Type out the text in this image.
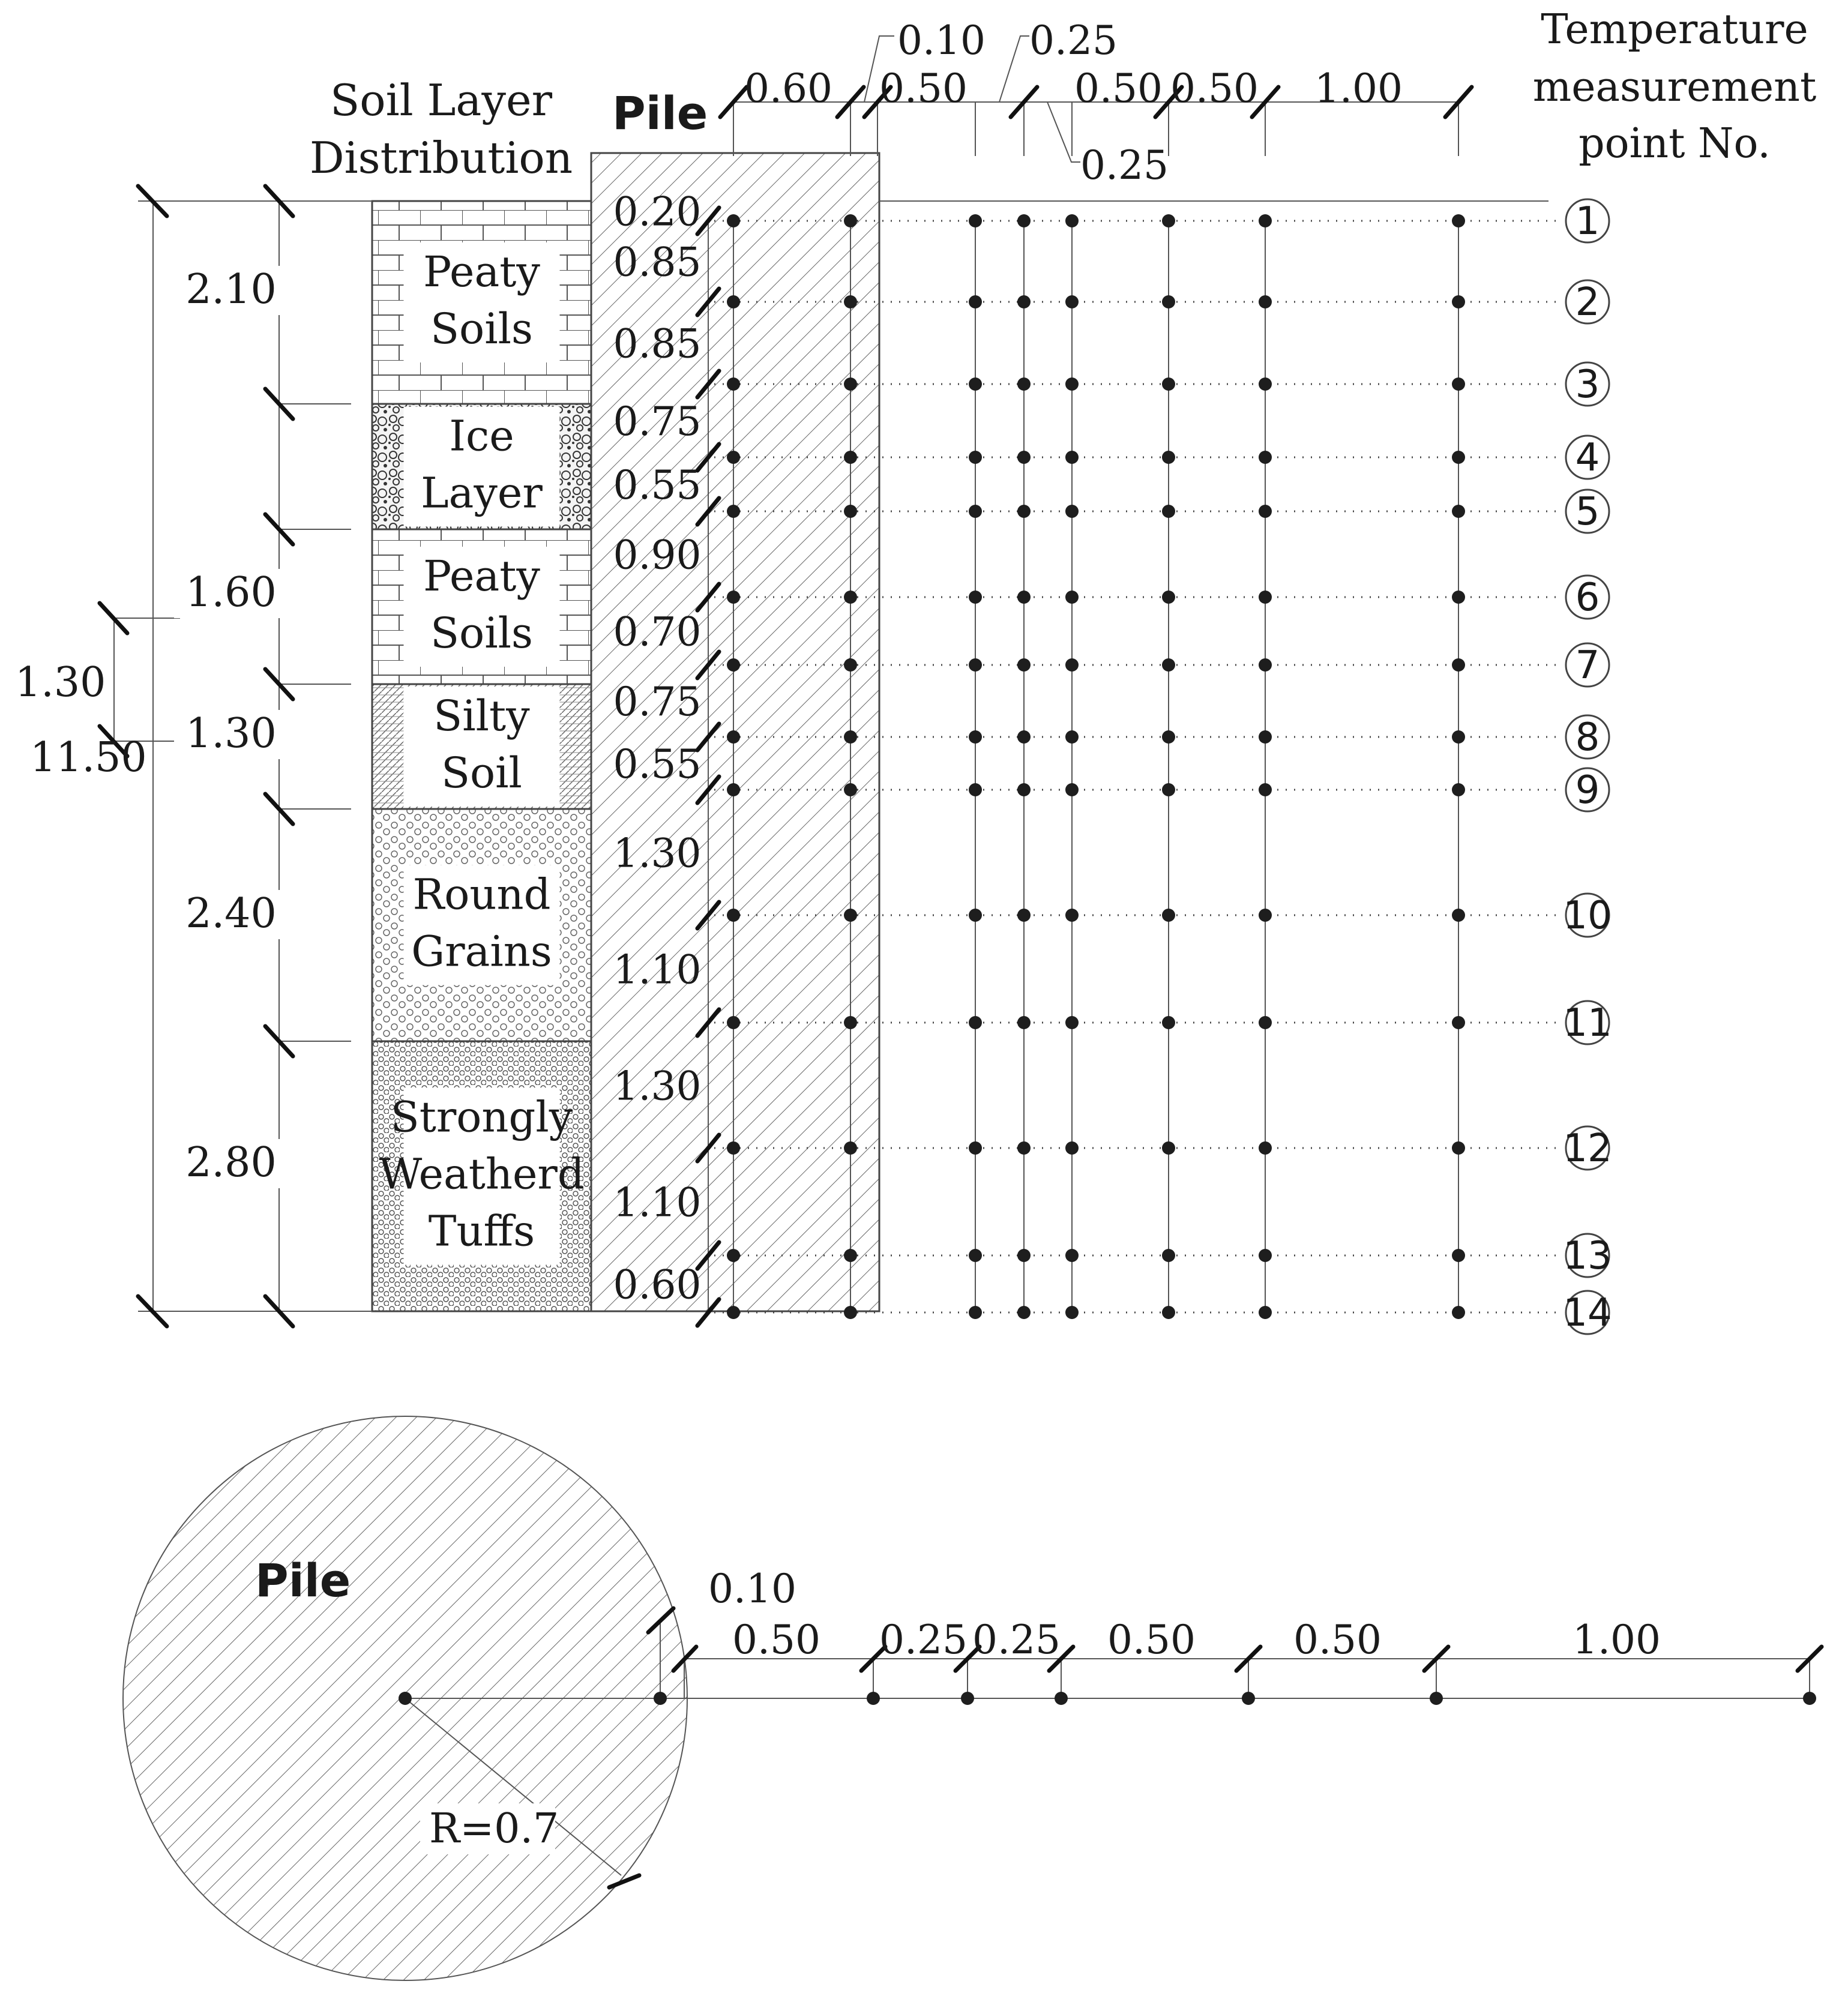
Soil Layer
Distribution
Pile
Temperature
measurement
point No.
Peaty
Soils
Ice
Layer
Peaty
Soils
Silty
Soil
Round
Grains
Strongly
Weatherd
Tuffs
11.50
1.30
2.10
1.60
1.30
2.40
2.80
1
2
3
4
5
6
7
8
9
10
11
12
13
14
0.20
0.85
0.85
0.75
0.55
0.90
0.70
0.75
0.55
1.30
1.10
1.30
1.10
0.60
0.60
0.10
0.50
0.25
0.25
0.50 0.50 1.00
Pile
R=0.7
0.10
0.50 0.25 0.25 0.50 0.50	1.00
